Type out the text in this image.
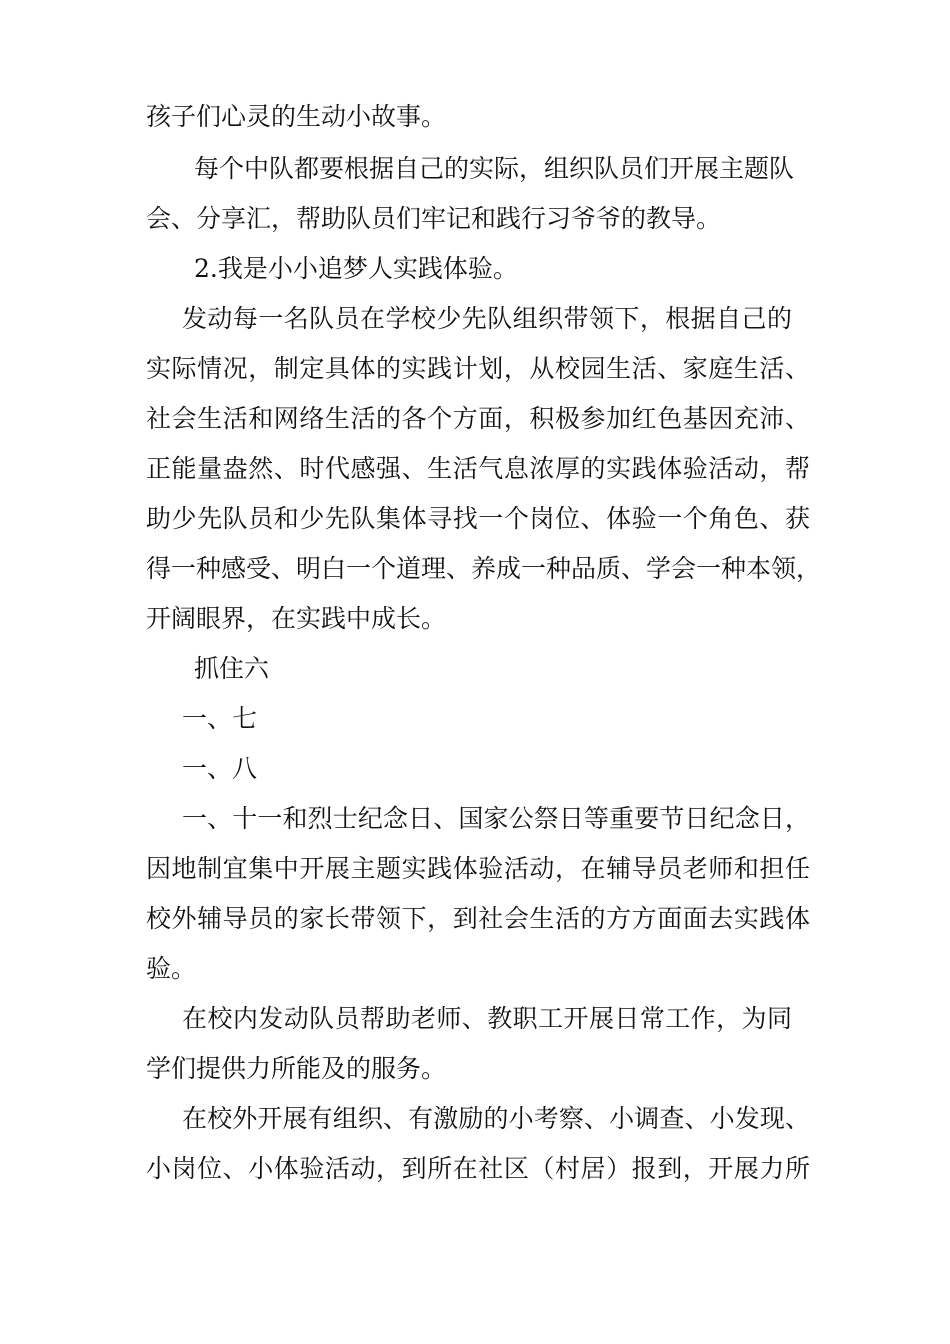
孩子们心灵的生动小故事。
每个中队都要根据自己的实际，组织队员们开展主题队
会、分享汇，帮助队员们牢记和践行习爷爷的教导。
2.我是小小追梦人实践体验。
发动每一名队员在学校少先队组织带领下，根据自己的
实际情况，制定具体的实践计划，从校园生活、家庭生活、
社会生活和网络生活的各个方面，积极参加红色基因充沛、
正能量盎然、时代感强、生活气息浓厚的实践体验活动，帮
助少先队员和少先队集体寻找一个岗位、体验一个角色、获
得一种感受、明白一个道理、养成一种品质、学会一种本领，
开阔眼界，在实践中成长。
抓住六
一、七
一、八
一、十一和烈士纪念日、国家公祭日等重要节日纪念日，
因地制宜集中开展主题实践体验活动，在辅导员老师和担任
校外辅导员的家长带领下，到社会生活的方方面面去实践体
验。
在校内发动队员帮助老师、教职工开展日常工作，为同
学们提供力所能及的服务。
在校外开展有组织、有激励的小考察、小调查、小发现、
小岗位、小体验活动，到所在社区（村居）报到，开展力所
